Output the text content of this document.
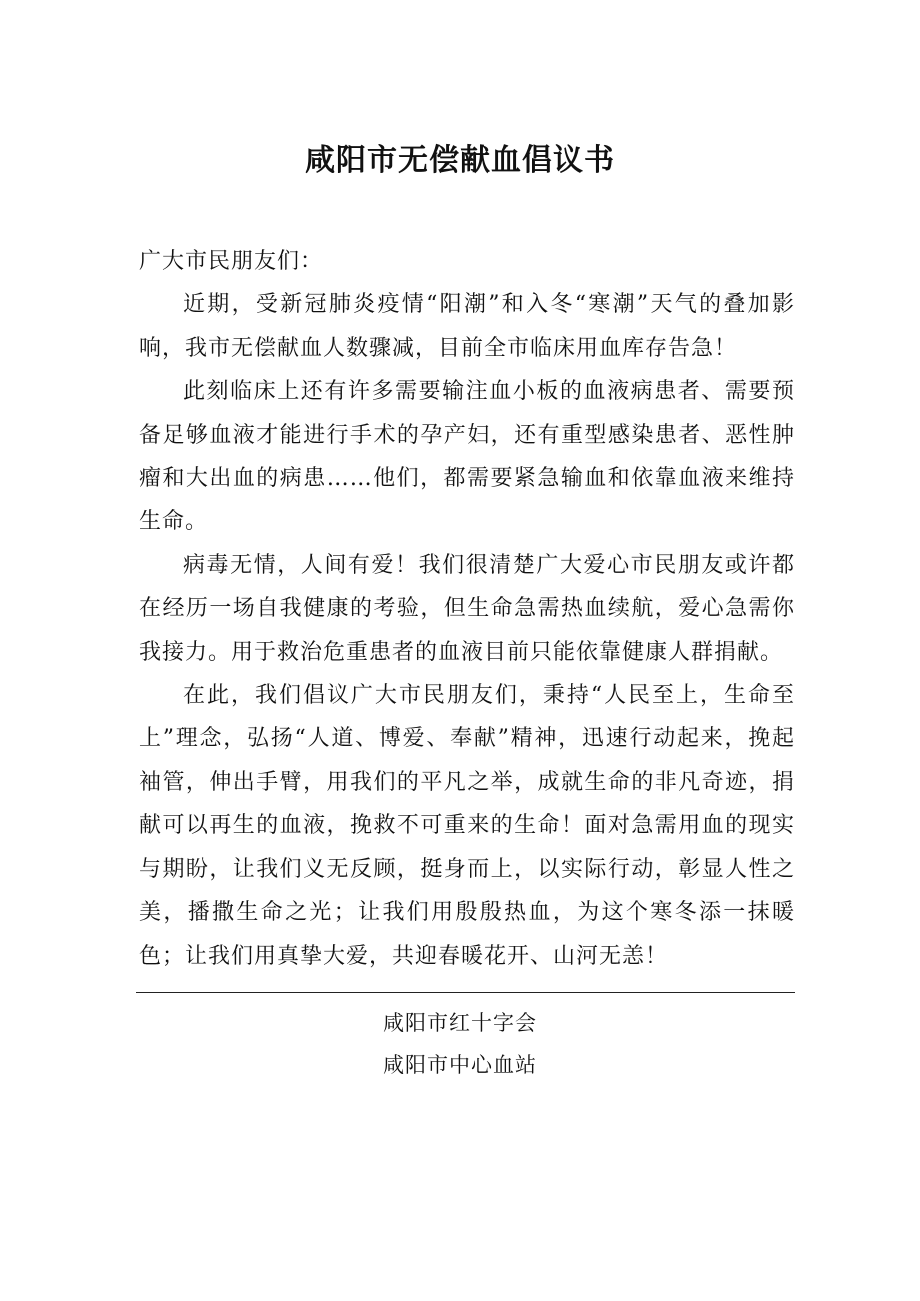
咸阳市无偿献血倡议书

广大市民朋友们：

近期，受新冠肺炎疫情“阳潮”和入冬“寒潮”天气的叠加影响，我市无偿献血人数骤减，目前全市临床用血库存告急！

此刻临床上还有许多需要输注血小板的血液病患者、需要预备足够血液才能进行手术的孕产妇，还有重型感染患者、恶性肿瘤和大出血的病患……他们，都需要紧急输血和依靠血液来维持生命。

病毒无情，人间有爱！我们很清楚广大爱心市民朋友或许都在经历一场自我健康的考验，但生命急需热血续航，爱心急需你我接力。用于救治危重患者的血液目前只能依靠健康人群捐献。

在此，我们倡议广大市民朋友们，秉持“人民至上，生命至上”理念，弘扬“人道、博爱、奉献”精神，迅速行动起来，挽起袖管，伸出手臂，用我们的平凡之举，成就生命的非凡奇迹，捐献可以再生的血液，挽救不可重来的生命！面对急需用血的现实与期盼，让我们义无反顾，挺身而上，以实际行动，彰显人性之美，播撒生命之光；让我们用殷殷热血，为这个寒冬添一抹暖色；让我们用真挚大爱，共迎春暖花开、山河无恙！

咸阳市红十字会
咸阳市中心血站
